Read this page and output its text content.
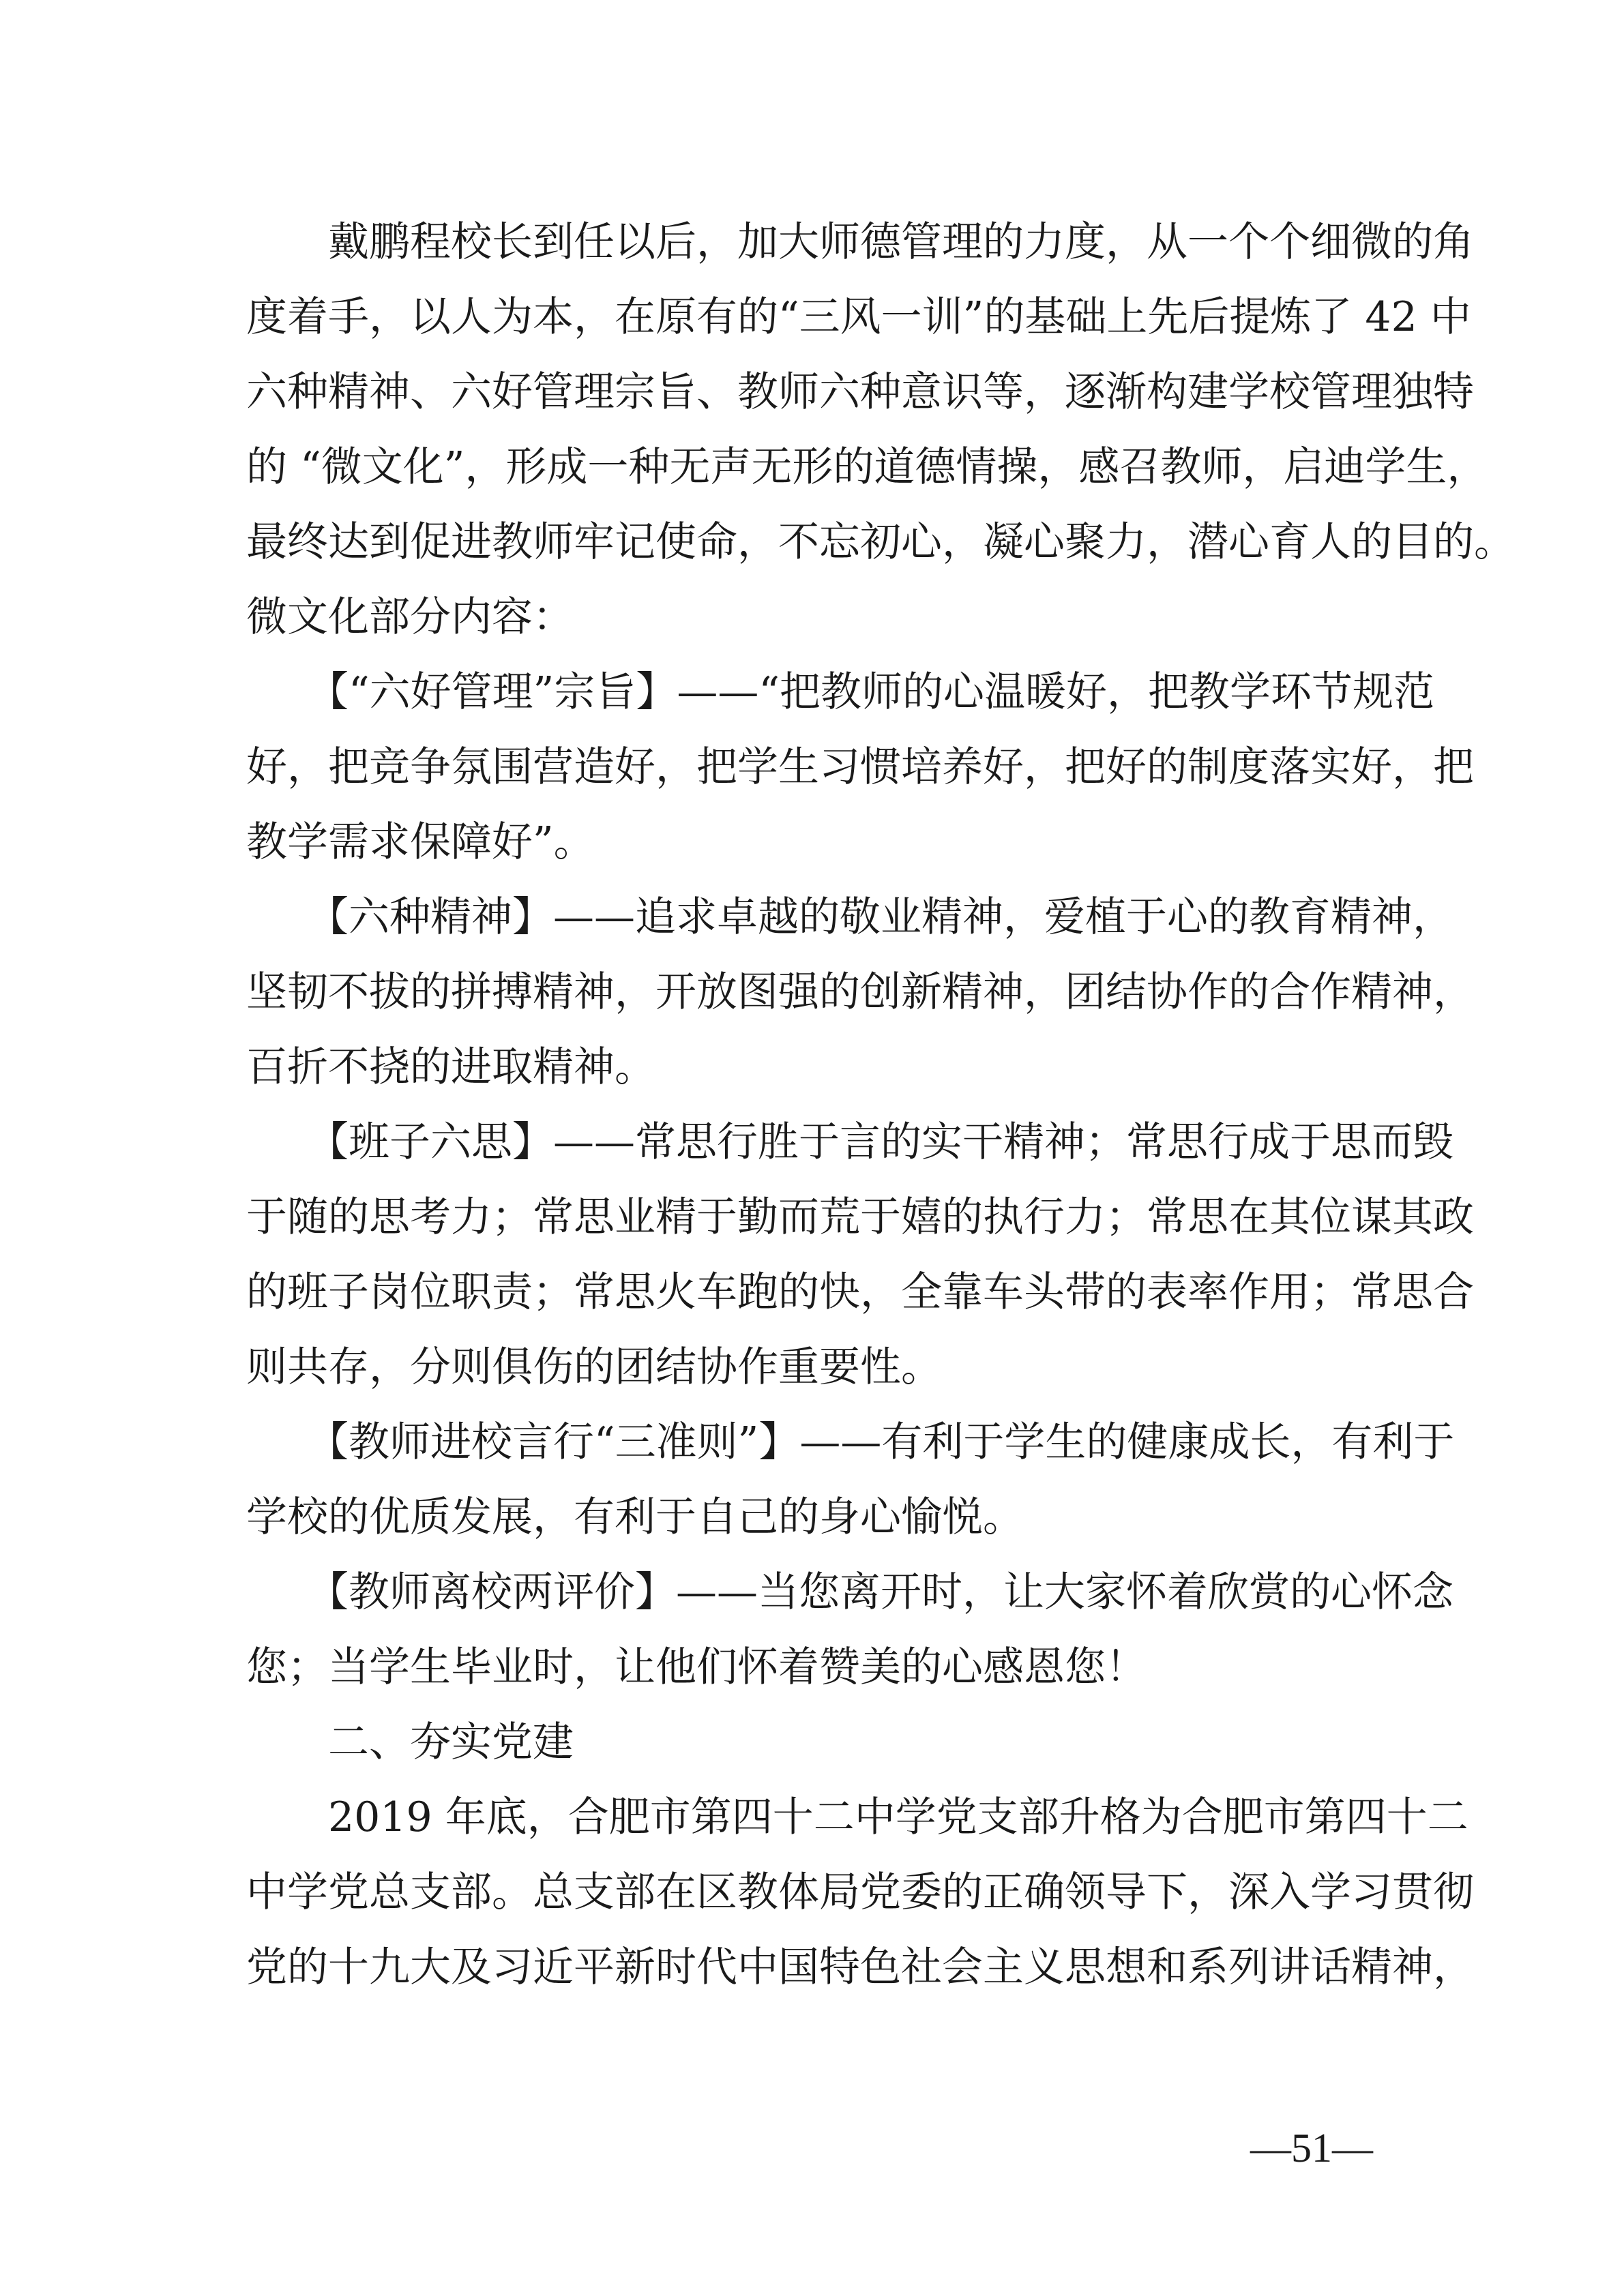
　　戴鹏程校长到任以后，加大师德管理的力度，从一个个细微的角
度着手，以人为本，在原有的“三风一训”的基础上先后提炼了 42 中
六种精神、六好管理宗旨、教师六种意识等，逐渐构建学校管理独特
的 “微文化”，形成一种无声无形的道德情操，感召教师，启迪学生，
最终达到促进教师牢记使命，不忘初心，凝心聚力，潜心育人的目的。
微文化部分内容：
　　【“六好管理”宗旨】——“把教师的心温暖好，把教学环节规范
好，把竞争氛围营造好，把学生习惯培养好，把好的制度落实好，把
教学需求保障好”。
　　【六种精神】——追求卓越的敬业精神，爱植于心的教育精神，
坚韧不拔的拼搏精神，开放图强的创新精神，团结协作的合作精神，
百折不挠的进取精神。
　　【班子六思】——常思行胜于言的实干精神；常思行成于思而毁
于随的思考力；常思业精于勤而荒于嬉的执行力；常思在其位谋其政
的班子岗位职责；常思火车跑的快，全靠车头带的表率作用；常思合
则共存，分则俱伤的团结协作重要性。
　　【教师进校言行“三准则”】——有利于学生的健康成长，有利于
学校的优质发展，有利于自己的身心愉悦。
　　【教师离校两评价】——当您离开时，让大家怀着欣赏的心怀念
您；当学生毕业时，让他们怀着赞美的心感恩您！
　　二、夯实党建
　　2019 年底，合肥市第四十二中学党支部升格为合肥市第四十二
中学党总支部。总支部在区教体局党委的正确领导下，深入学习贯彻
党的十九大及习近平新时代中国特色社会主义思想和系列讲话精神，
—51—
